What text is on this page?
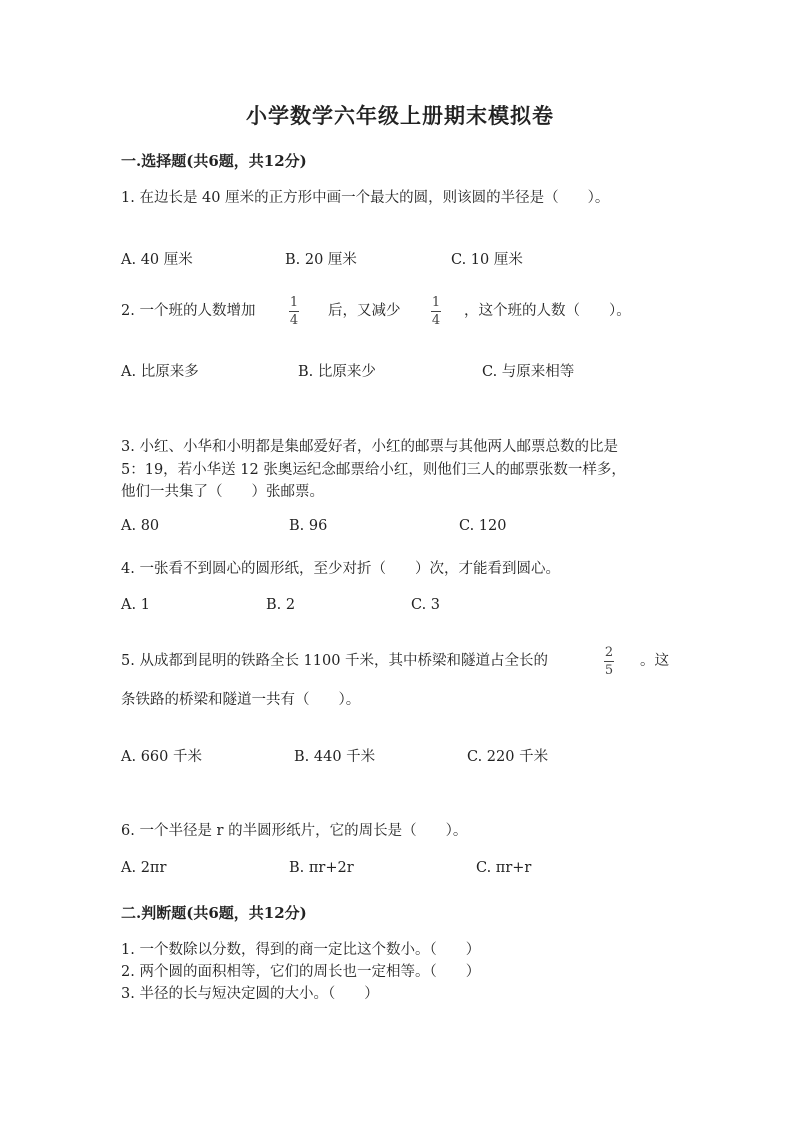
小学数学六年级上册期末模拟卷
一.选择题(共6题，共12分)
1. 在边长是 40 厘米的正方形中画一个最大的圆，则该圆的半径是（　　）。
A. 40 厘米	B. 20 厘米	C. 10 厘米
2. 一个班的人数增加
1
4
后，又减少
1
4
，这个班的人数（　　）。
A. 比原来多	B. 比原来少	C. 与原来相等
3. 小红、小华和小明都是集邮爱好者，小红的邮票与其他两人邮票总数的比是
5：19，若小华送 12 张奥运纪念邮票给小红，则他们三人的邮票张数一样多，
他们一共集了（　　）张邮票。
A. 80	B. 96	C. 120
4. 一张看不到圆心的圆形纸，至少对折（　　）次，才能看到圆心。
A. 1	B. 2	C. 3
5. 从成都到昆明的铁路全长 1100 千米，其中桥梁和隧道占全长的
2
5
。这
条铁路的桥梁和隧道一共有（　　）。
A. 660 千米	B. 440 千米	C. 220 千米
6. 一个半径是 r 的半圆形纸片，它的周长是（　　）。
A. 2πr	B. πr+2r	C. πr+r
二.判断题(共6题，共12分)
1. 一个数除以分数，得到的商一定比这个数小。（　　）
2. 两个圆的面积相等，它们的周长也一定相等。（　　）
3. 半径的长与短决定圆的大小。（　　）
